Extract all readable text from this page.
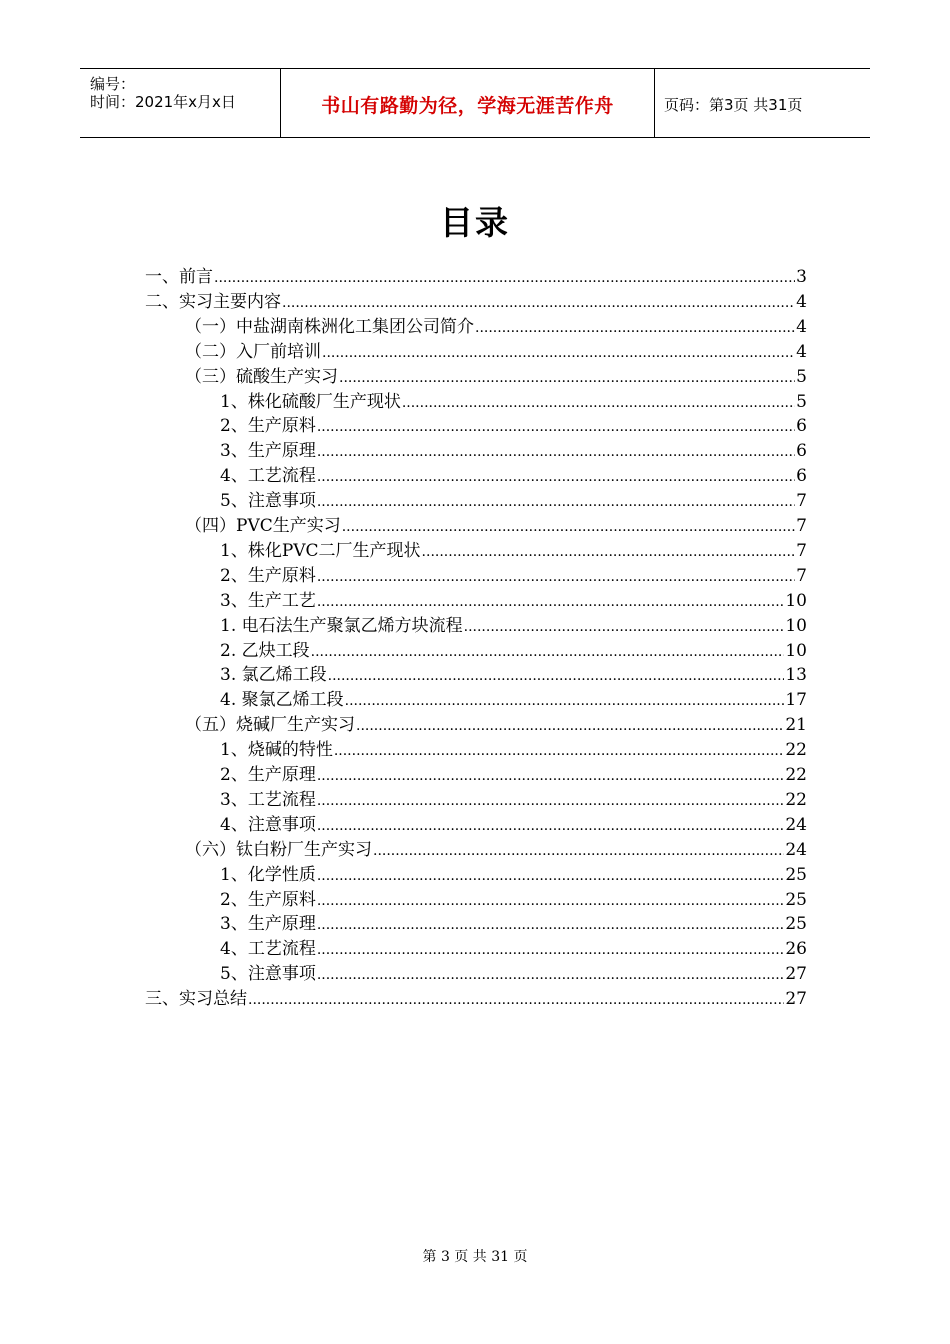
编号：
时间：2021年x月x日	书山有路勤为径，学海无涯苦作舟	页码：第3页 共31页
目录
一、前言 .....	3
二、实习主要内容 .....	4
（一）中盐湖南株洲化工集团公司简介 .....	4
（二）入厂前培训 .....	4
（三）硫酸生产实习 .....	5
1、株化硫酸厂生产现状 .....	5
2、生产原料 .....	6
3、生产原理 .....	6
4、工艺流程 .....	6
5、注意事项 .....	7
（四）PVC生产实习 .....	7
1、株化PVC二厂生产现状 .....	7
2、生产原料 .....	7
3、生产工艺 .....	10
1. 电石法生产聚氯乙烯方块流程 .....	10
2. 乙炔工段 .....	10
3. 氯乙烯工段 .....	13
4. 聚氯乙烯工段 .....	17
（五）烧碱厂生产实习 .....	21
1、烧碱的特性 .....	22
2、生产原理 .....	22
3、工艺流程 .....	22
4、注意事项 .....	24
（六）钛白粉厂生产实习 .....	24
1、化学性质 .....	25
2、生产原料 .....	25
3、生产原理 .....	25
4、工艺流程 .....	26
5、注意事项 .....	27
三、实习总结 .....	27
第 3 页 共 31 页
